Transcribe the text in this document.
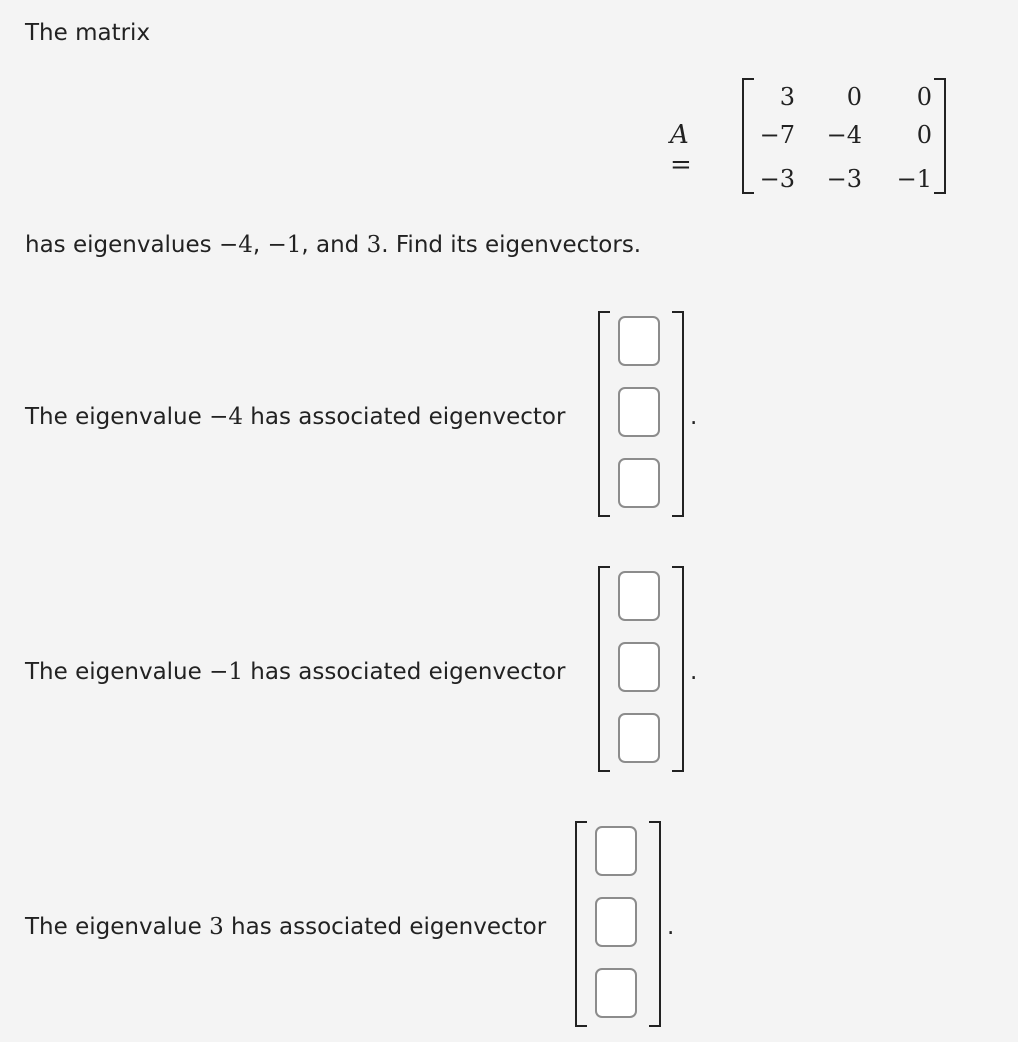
The matrix
A =
3	0	0
−7	−4	0
−3	−3	−1
has eigenvalues −4, −1, and 3. Find its eigenvectors.
The eigenvalue −4 has associated eigenvector	.
The eigenvalue −1 has associated eigenvector	.
The eigenvalue 3 has associated eigenvector	.
